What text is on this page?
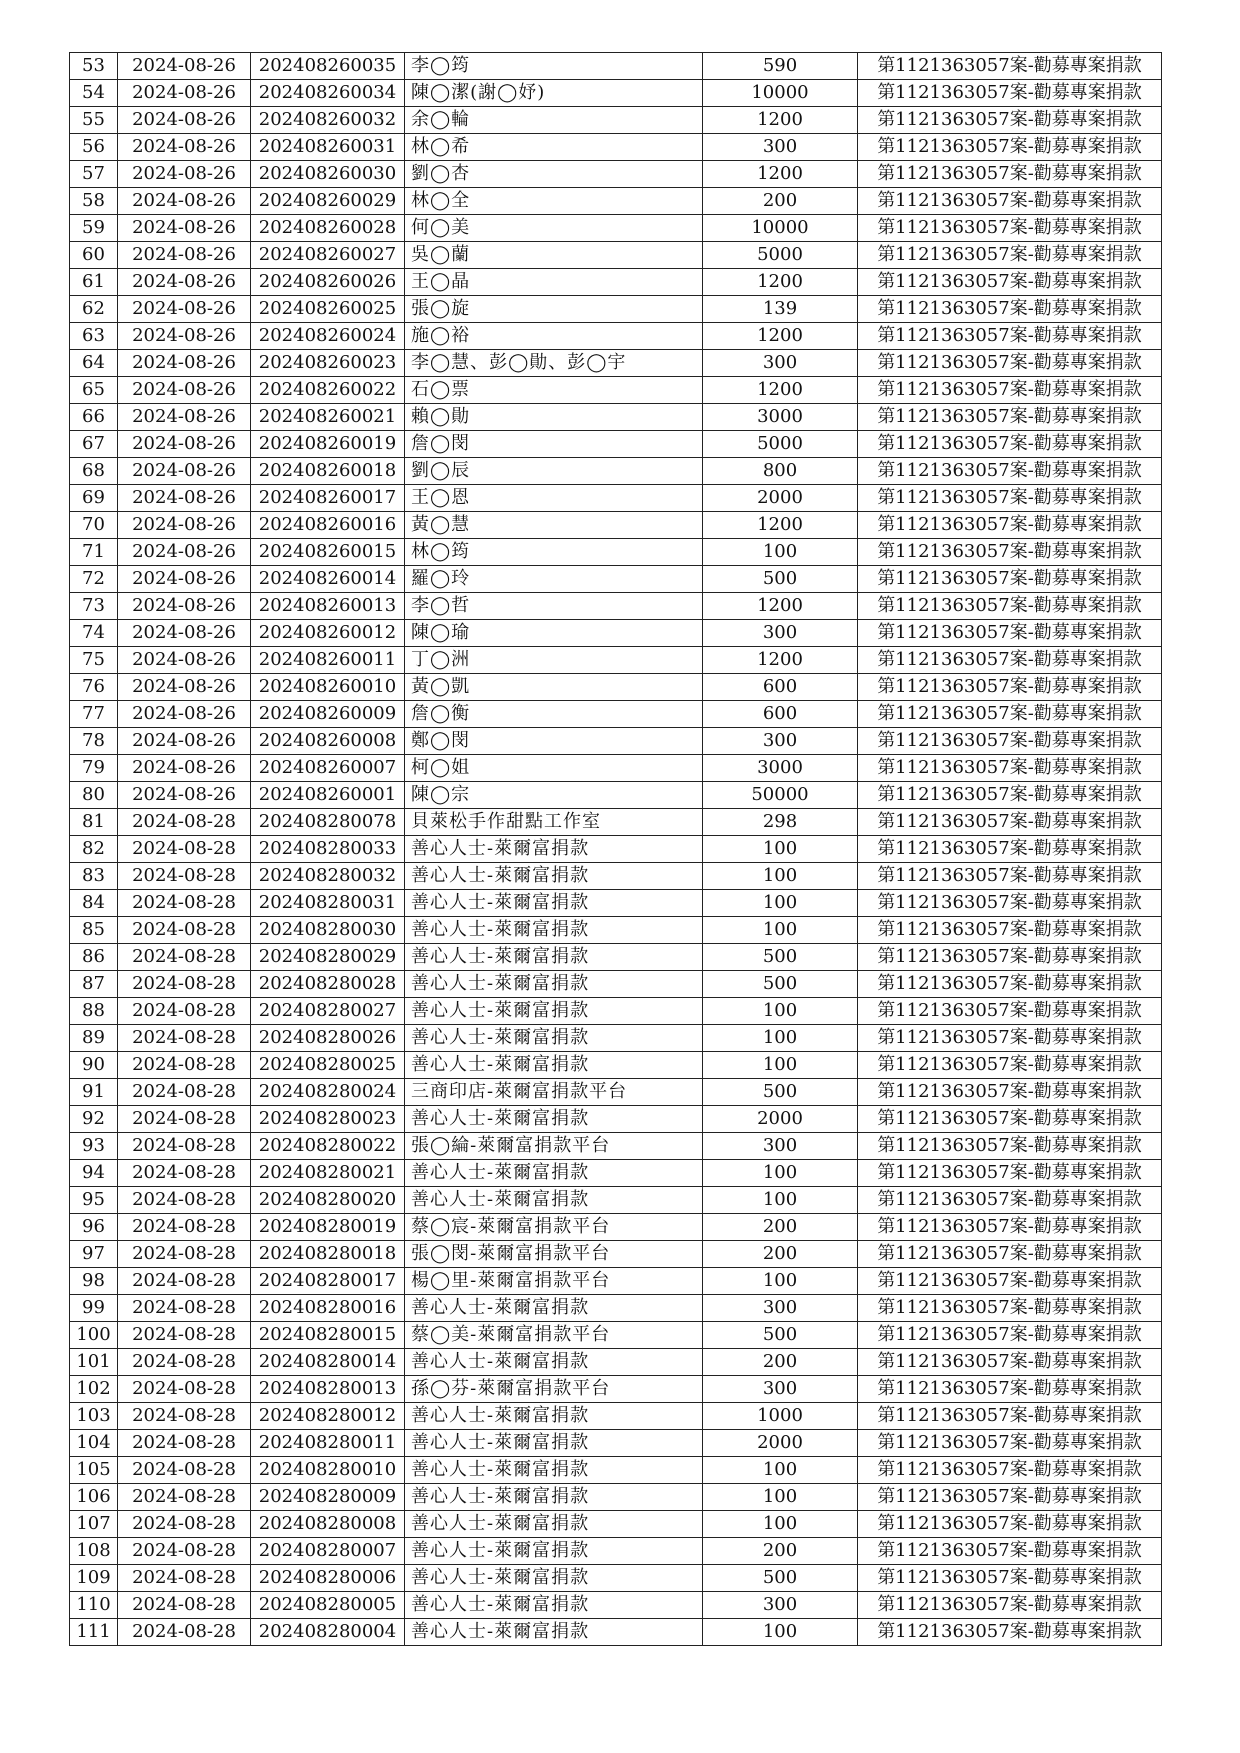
53	2024-08-26	202408260035	李◯筠	590	第1121363057案-勸募專案捐款
54	2024-08-26	202408260034	陳◯潔(謝◯妤)	10000	第1121363057案-勸募專案捐款
55	2024-08-26	202408260032	余◯輪	1200	第1121363057案-勸募專案捐款
56	2024-08-26	202408260031	林◯希	300	第1121363057案-勸募專案捐款
57	2024-08-26	202408260030	劉◯杏	1200	第1121363057案-勸募專案捐款
58	2024-08-26	202408260029	林◯全	200	第1121363057案-勸募專案捐款
59	2024-08-26	202408260028	何◯美	10000	第1121363057案-勸募專案捐款
60	2024-08-26	202408260027	吳◯蘭	5000	第1121363057案-勸募專案捐款
61	2024-08-26	202408260026	王◯晶	1200	第1121363057案-勸募專案捐款
62	2024-08-26	202408260025	張◯旋	139	第1121363057案-勸募專案捐款
63	2024-08-26	202408260024	施◯裕	1200	第1121363057案-勸募專案捐款
64	2024-08-26	202408260023	李◯慧、彭◯勛、彭◯宇	300	第1121363057案-勸募專案捐款
65	2024-08-26	202408260022	石◯票	1200	第1121363057案-勸募專案捐款
66	2024-08-26	202408260021	賴◯勛	3000	第1121363057案-勸募專案捐款
67	2024-08-26	202408260019	詹◯閔	5000	第1121363057案-勸募專案捐款
68	2024-08-26	202408260018	劉◯辰	800	第1121363057案-勸募專案捐款
69	2024-08-26	202408260017	王◯恩	2000	第1121363057案-勸募專案捐款
70	2024-08-26	202408260016	黃◯慧	1200	第1121363057案-勸募專案捐款
71	2024-08-26	202408260015	林◯筠	100	第1121363057案-勸募專案捐款
72	2024-08-26	202408260014	羅◯玲	500	第1121363057案-勸募專案捐款
73	2024-08-26	202408260013	李◯哲	1200	第1121363057案-勸募專案捐款
74	2024-08-26	202408260012	陳◯瑜	300	第1121363057案-勸募專案捐款
75	2024-08-26	202408260011	丁◯洲	1200	第1121363057案-勸募專案捐款
76	2024-08-26	202408260010	黃◯凱	600	第1121363057案-勸募專案捐款
77	2024-08-26	202408260009	詹◯衡	600	第1121363057案-勸募專案捐款
78	2024-08-26	202408260008	鄭◯閔	300	第1121363057案-勸募專案捐款
79	2024-08-26	202408260007	柯◯姐	3000	第1121363057案-勸募專案捐款
80	2024-08-26	202408260001	陳◯宗	50000	第1121363057案-勸募專案捐款
81	2024-08-28	202408280078	貝萊松手作甜點工作室	298	第1121363057案-勸募專案捐款
82	2024-08-28	202408280033	善心人士-萊爾富捐款	100	第1121363057案-勸募專案捐款
83	2024-08-28	202408280032	善心人士-萊爾富捐款	100	第1121363057案-勸募專案捐款
84	2024-08-28	202408280031	善心人士-萊爾富捐款	100	第1121363057案-勸募專案捐款
85	2024-08-28	202408280030	善心人士-萊爾富捐款	100	第1121363057案-勸募專案捐款
86	2024-08-28	202408280029	善心人士-萊爾富捐款	500	第1121363057案-勸募專案捐款
87	2024-08-28	202408280028	善心人士-萊爾富捐款	500	第1121363057案-勸募專案捐款
88	2024-08-28	202408280027	善心人士-萊爾富捐款	100	第1121363057案-勸募專案捐款
89	2024-08-28	202408280026	善心人士-萊爾富捐款	100	第1121363057案-勸募專案捐款
90	2024-08-28	202408280025	善心人士-萊爾富捐款	100	第1121363057案-勸募專案捐款
91	2024-08-28	202408280024	三商印店-萊爾富捐款平台	500	第1121363057案-勸募專案捐款
92	2024-08-28	202408280023	善心人士-萊爾富捐款	2000	第1121363057案-勸募專案捐款
93	2024-08-28	202408280022	張◯綸-萊爾富捐款平台	300	第1121363057案-勸募專案捐款
94	2024-08-28	202408280021	善心人士-萊爾富捐款	100	第1121363057案-勸募專案捐款
95	2024-08-28	202408280020	善心人士-萊爾富捐款	100	第1121363057案-勸募專案捐款
96	2024-08-28	202408280019	蔡◯宸-萊爾富捐款平台	200	第1121363057案-勸募專案捐款
97	2024-08-28	202408280018	張◯閔-萊爾富捐款平台	200	第1121363057案-勸募專案捐款
98	2024-08-28	202408280017	楊◯里-萊爾富捐款平台	100	第1121363057案-勸募專案捐款
99	2024-08-28	202408280016	善心人士-萊爾富捐款	300	第1121363057案-勸募專案捐款
100	2024-08-28	202408280015	蔡◯美-萊爾富捐款平台	500	第1121363057案-勸募專案捐款
101	2024-08-28	202408280014	善心人士-萊爾富捐款	200	第1121363057案-勸募專案捐款
102	2024-08-28	202408280013	孫◯芬-萊爾富捐款平台	300	第1121363057案-勸募專案捐款
103	2024-08-28	202408280012	善心人士-萊爾富捐款	1000	第1121363057案-勸募專案捐款
104	2024-08-28	202408280011	善心人士-萊爾富捐款	2000	第1121363057案-勸募專案捐款
105	2024-08-28	202408280010	善心人士-萊爾富捐款	100	第1121363057案-勸募專案捐款
106	2024-08-28	202408280009	善心人士-萊爾富捐款	100	第1121363057案-勸募專案捐款
107	2024-08-28	202408280008	善心人士-萊爾富捐款	100	第1121363057案-勸募專案捐款
108	2024-08-28	202408280007	善心人士-萊爾富捐款	200	第1121363057案-勸募專案捐款
109	2024-08-28	202408280006	善心人士-萊爾富捐款	500	第1121363057案-勸募專案捐款
110	2024-08-28	202408280005	善心人士-萊爾富捐款	300	第1121363057案-勸募專案捐款
111	2024-08-28	202408280004	善心人士-萊爾富捐款	100	第1121363057案-勸募專案捐款
